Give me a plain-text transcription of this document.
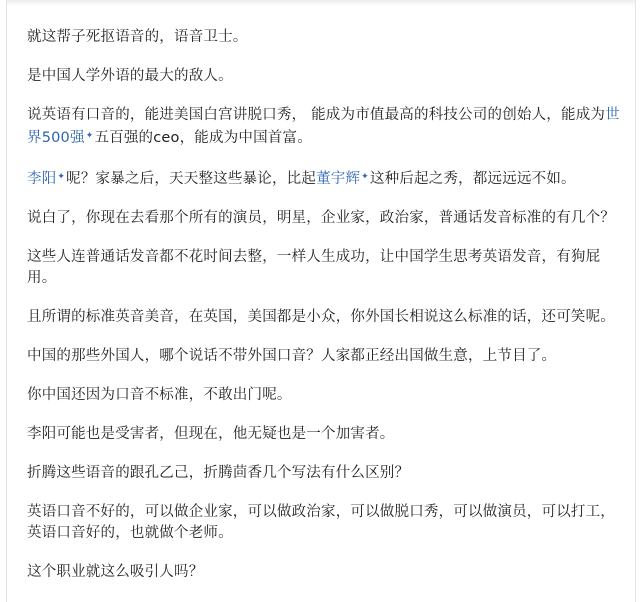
就这帮子死抠语音的，语音卫士。

是中国人学外语的最大的敌人。

说英语有口音的，能进美国白宫讲脱口秀， 能成为市值最高的科技公司的创始人，能成为世界500强✦五百强的ceo，能成为中国首富。

李阳✦呢？家暴之后，天天整这些暴论，比起董宇辉✦这种后起之秀，都远远远不如。

说白了，你现在去看那个所有的演员，明星，企业家，政治家，普通话发音标准的有几个？

这些人连普通话发音都不花时间去整，一样人生成功，让中国学生思考英语发音，有狗屁用。

且所谓的标准英音美音，在英国，美国都是小众，你外国长相说这么标准的话，还可笑呢。

中国的那些外国人，哪个说话不带外国口音？人家都正经出国做生意，上节目了。

你中国还因为口音不标准，不敢出门呢。

李阳可能也是受害者，但现在，他无疑也是一个加害者。

折腾这些语音的跟孔乙己，折腾茴香几个写法有什么区别？

英语口音不好的，可以做企业家，可以做政治家，可以做脱口秀，可以做演员，可以打工，英语口音好的，也就做个老师。

这个职业就这么吸引人吗？
